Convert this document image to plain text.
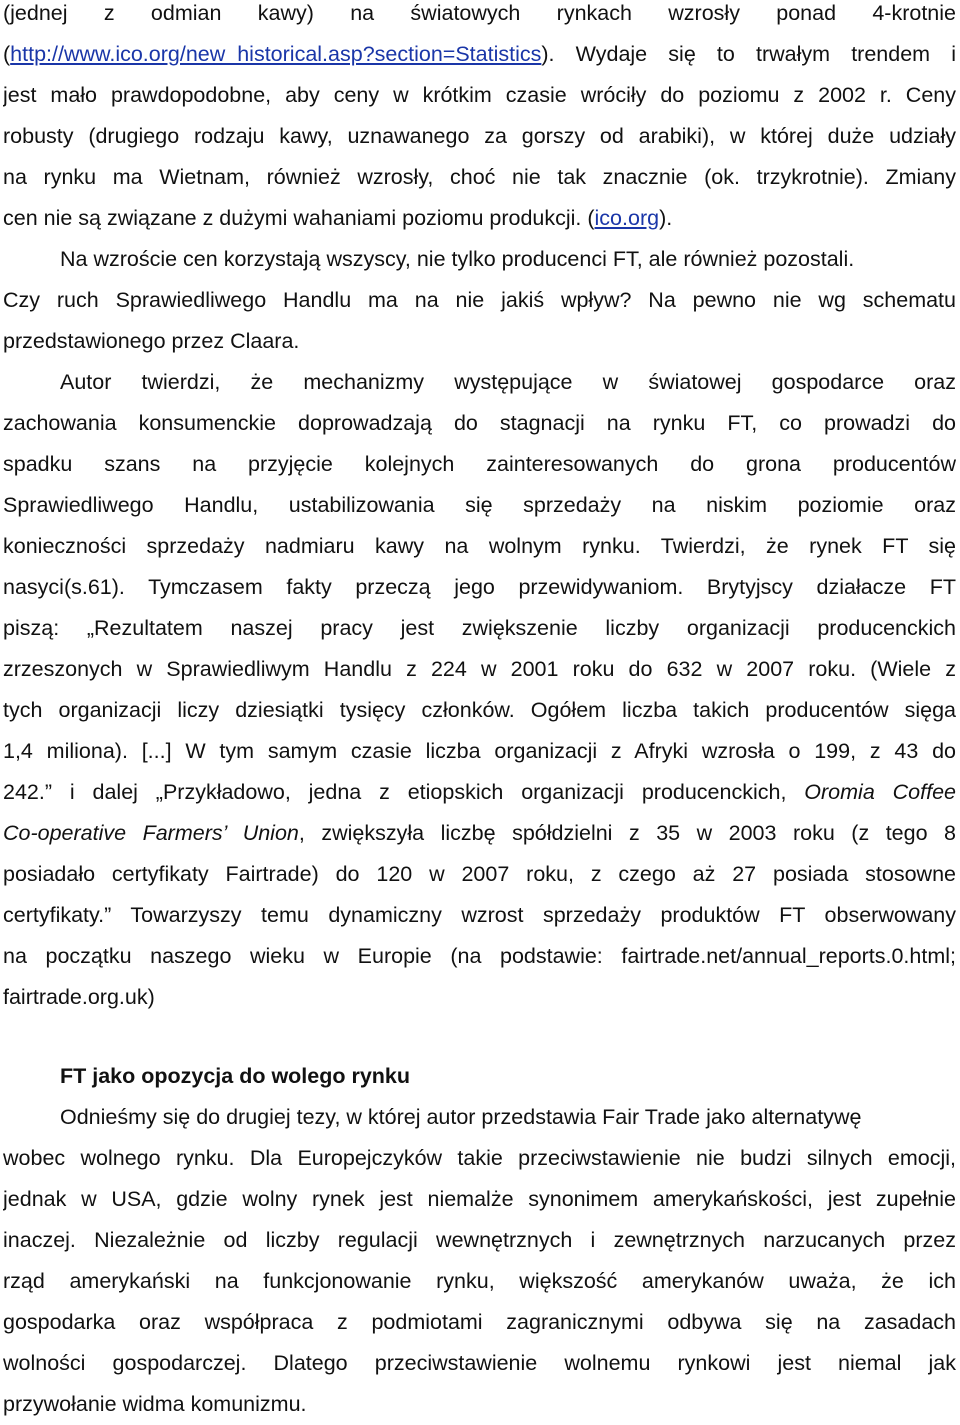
(jednej z odmian kawy) na światowych rynkach wzrosły ponad 4-krotnie
(http://www.ico.org/new_historical.asp?section=Statistics). Wydaje się to trwałym trendem i
jest mało prawdopodobne, aby ceny w krótkim czasie wróciły do poziomu z 2002 r. Ceny
robusty (drugiego rodzaju kawy, uznawanego za gorszy od arabiki), w której duże udziały
na rynku ma Wietnam, również wzrosły, choć nie tak znacznie (ok. trzykrotnie). Zmiany
cen nie są związane z dużymi wahaniami poziomu produkcji. (ico.org).
Na wzroście cen korzystają wszyscy, nie tylko producenci FT, ale również pozostali.
Czy ruch Sprawiedliwego Handlu ma na nie jakiś wpływ? Na pewno nie wg schematu
przedstawionego przez Claara.
Autor twierdzi, że mechanizmy występujące w światowej gospodarce oraz
zachowania konsumenckie doprowadzają do stagnacji na rynku FT, co prowadzi do
spadku szans na przyjęcie kolejnych zainteresowanych do grona producentów
Sprawiedliwego Handlu, ustabilizowania się sprzedaży na niskim poziomie oraz
konieczności sprzedaży nadmiaru kawy na wolnym rynku. Twierdzi, że rynek FT się
nasyci(s.61). Tymczasem fakty przeczą jego przewidywaniom. Brytyjscy działacze FT
piszą: „Rezultatem naszej pracy jest zwiększenie liczby organizacji producenckich
zrzeszonych w Sprawiedliwym Handlu z 224 w 2001 roku do 632 w 2007 roku. (Wiele z
tych organizacji liczy dziesiątki tysięcy członków. Ogółem liczba takich producentów sięga
1,4 miliona). [...] W tym samym czasie liczba organizacji z Afryki wzrosła o 199, z 43 do
242.” i dalej „Przykładowo, jedna z etiopskich organizacji producenckich, Oromia Coffee
Co-operative Farmers’ Union, zwiększyła liczbę spółdzielni z 35 w 2003 roku (z tego 8
posiadało certyfikaty Fairtrade) do 120 w 2007 roku, z czego aż 27 posiada stosowne
certyfikaty.” Towarzyszy temu dynamiczny wzrost sprzedaży produktów FT obserwowany
na początku naszego wieku w Europie (na podstawie: fairtrade.net/annual_reports.0.html;
fairtrade.org.uk)
FT jako opozycja do wolego rynku
Odnieśmy się do drugiej tezy, w której autor przedstawia Fair Trade jako alternatywę
wobec wolnego rynku. Dla Europejczyków takie przeciwstawienie nie budzi silnych emocji,
jednak w USA, gdzie wolny rynek jest niemalże synonimem amerykańskości, jest zupełnie
inaczej. Niezależnie od liczby regulacji wewnętrznych i zewnętrznych narzucanych przez
rząd amerykański na funkcjonowanie rynku, większość amerykanów uważa, że ich
gospodarka oraz współpraca z podmiotami zagranicznymi odbywa się na zasadach
wolności gospodarczej. Dlatego przeciwstawienie wolnemu rynkowi jest niemal jak
przywołanie widma komunizmu.
